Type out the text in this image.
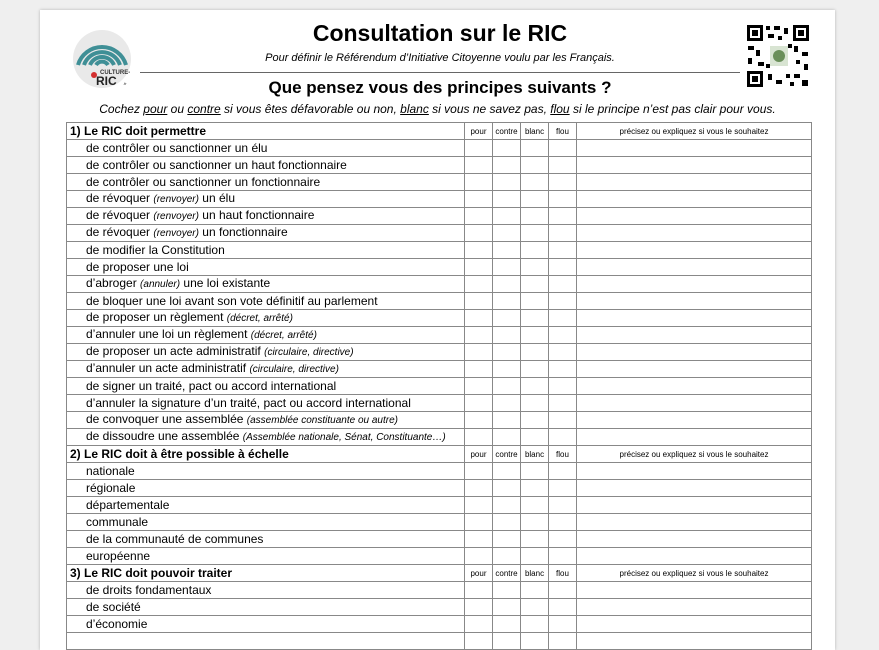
CULTURE-
RIC .fr
Consultation sur le RIC
Pour définir le Référendum d’Initiative Citoyenne voulu par les Français.
Que pensez vous des principes suivants ?
Cochez pour ou contre si vous êtes défavorable ou non, blanc si vous ne savez pas, flou si le principe n’est pas clair pour vous.
1) Le RIC doit permettre	pour	contre	blanc	flou	précisez ou expliquez si vous le souhaitez
de contrôler ou sanctionner un élu					
de contrôler ou sanctionner un haut fonctionnaire					
de contrôler ou sanctionner un fonctionnaire					
de révoquer (renvoyer) un élu					
de révoquer (renvoyer) un haut fonctionnaire					
de révoquer (renvoyer) un fonctionnaire					
de modifier la Constitution					
de proposer une loi					
d’abroger (annuler) une loi existante					
de bloquer une loi avant son vote définitif au parlement					
de proposer un règlement (décret, arrêté)					
d’annuler une loi un règlement (décret, arrêté)					
de proposer un acte administratif (circulaire, directive)					
d’annuler un acte administratif (circulaire, directive)					
de signer un traité, pact ou accord international					
d’annuler la signature d’un traité, pact ou accord international					
de convoquer une assemblée (assemblée constituante ou autre)					
de dissoudre une assemblée (Assemblée nationale, Sénat, Constituante…)					
2) Le RIC doit à être possible à échelle	pour	contre	blanc	flou	précisez ou expliquez si vous le souhaitez
nationale					
régionale					
départementale					
communale					
de la communauté de communes					
européenne					
3) Le RIC doit pouvoir traiter	pour	contre	blanc	flou	précisez ou expliquez si vous le souhaitez
de droits fondamentaux					
de société					
d’économie					
